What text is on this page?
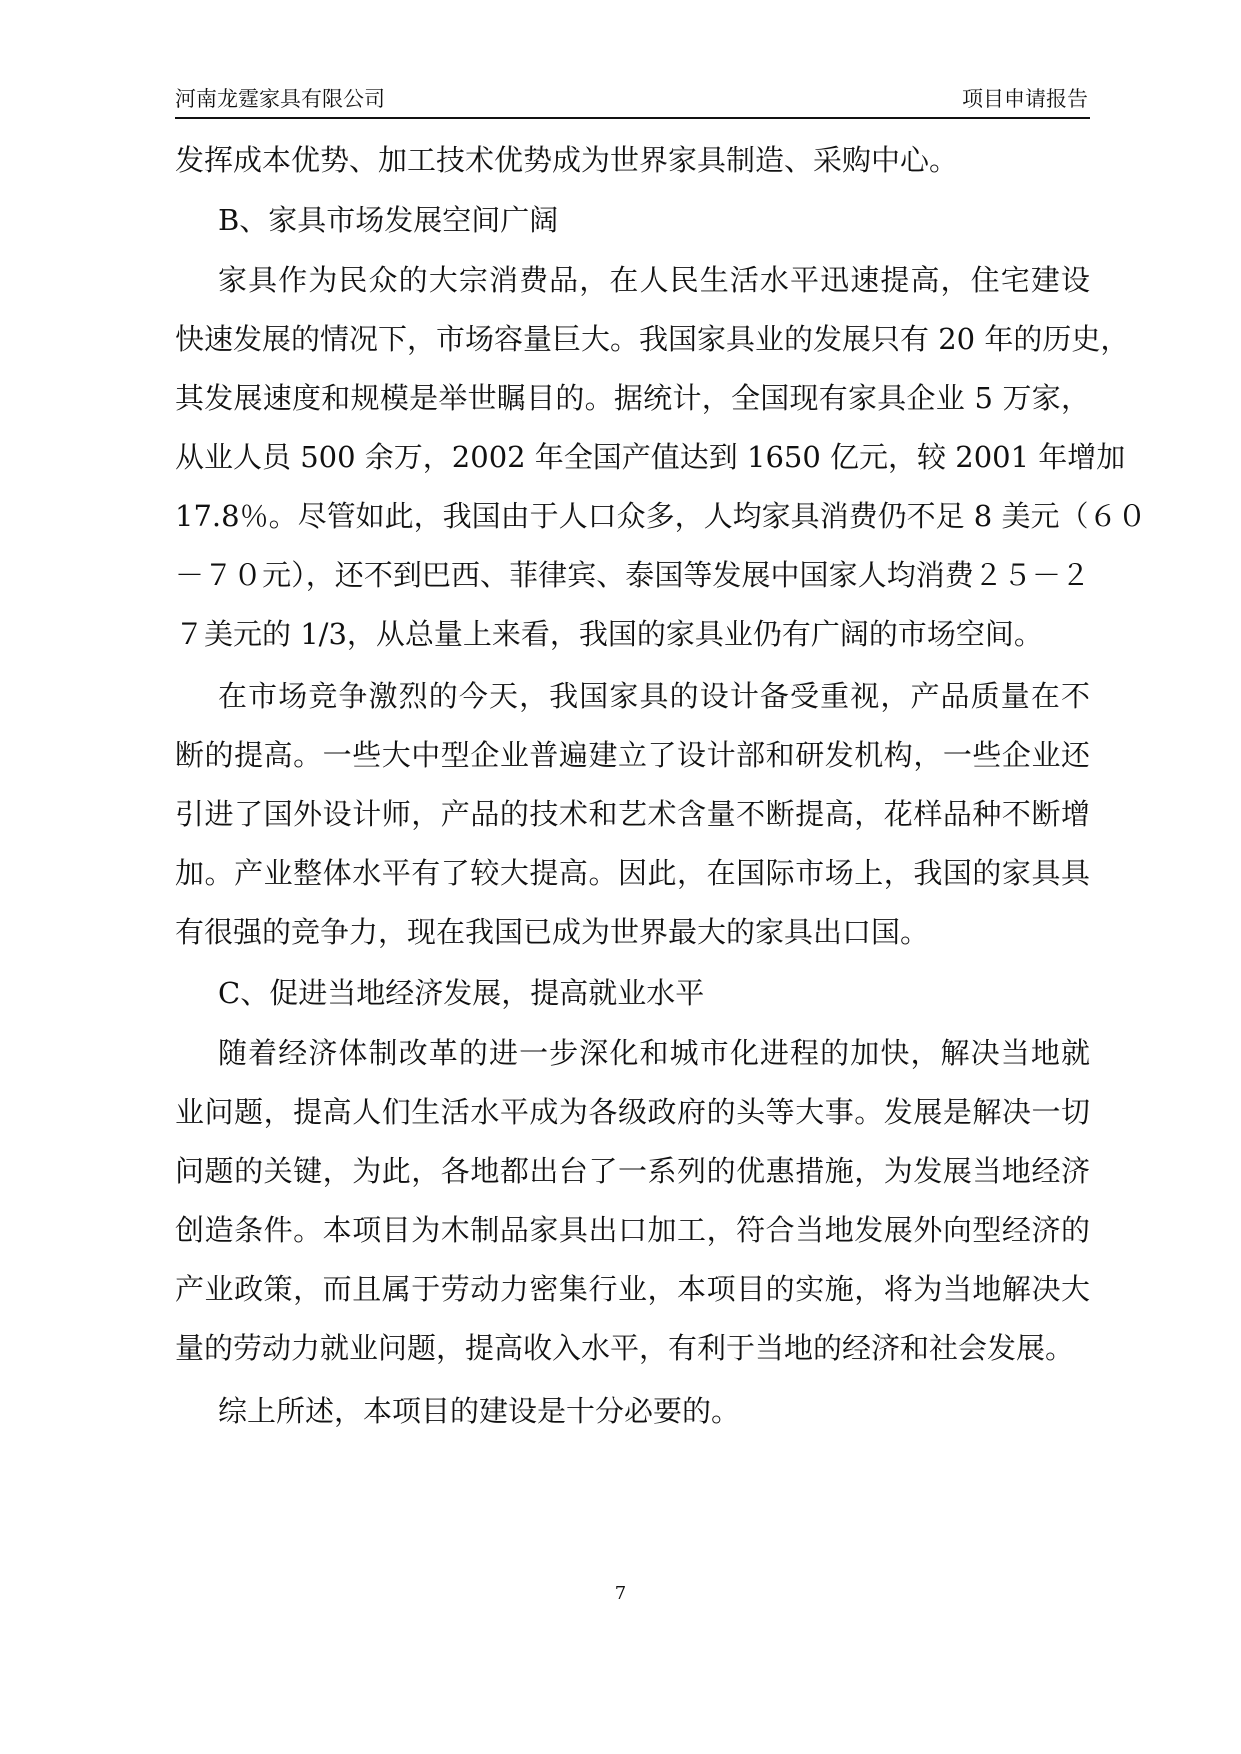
河南龙霆家具有限公司	项目申请报告
发挥成本优势、加工技术优势成为世界家具制造、采购中心。
B、家具市场发展空间广阔
家具作为民众的大宗消费品，在人民生活水平迅速提高，住宅建设
快速发展的情况下，市场容量巨大。我国家具业的发展只有 20 年的历史，
其发展速度和规模是举世瞩目的。据统计，全国现有家具企业 5 万家，
从业人员 500 余万，2002 年全国产值达到 1650 亿元，较 2001 年增加
17.8％。尽管如此，我国由于人口众多，人均家具消费仍不足 8 美元（６０
－７０元），还不到巴西、菲律宾、泰国等发展中国家人均消费２５－２
７美元的 1/3，从总量上来看，我国的家具业仍有广阔的市场空间。
在市场竞争激烈的今天，我国家具的设计备受重视，产品质量在不
断的提高。一些大中型企业普遍建立了设计部和研发机构，一些企业还
引进了国外设计师，产品的技术和艺术含量不断提高，花样品种不断增
加。产业整体水平有了较大提高。因此，在国际市场上，我国的家具具
有很强的竞争力，现在我国已成为世界最大的家具出口国。
C、促进当地经济发展，提高就业水平
随着经济体制改革的进一步深化和城市化进程的加快，解决当地就
业问题，提高人们生活水平成为各级政府的头等大事。发展是解决一切
问题的关键，为此，各地都出台了一系列的优惠措施，为发展当地经济
创造条件。本项目为木制品家具出口加工，符合当地发展外向型经济的
产业政策，而且属于劳动力密集行业，本项目的实施，将为当地解决大
量的劳动力就业问题，提高收入水平，有利于当地的经济和社会发展。
综上所述，本项目的建设是十分必要的。
7
